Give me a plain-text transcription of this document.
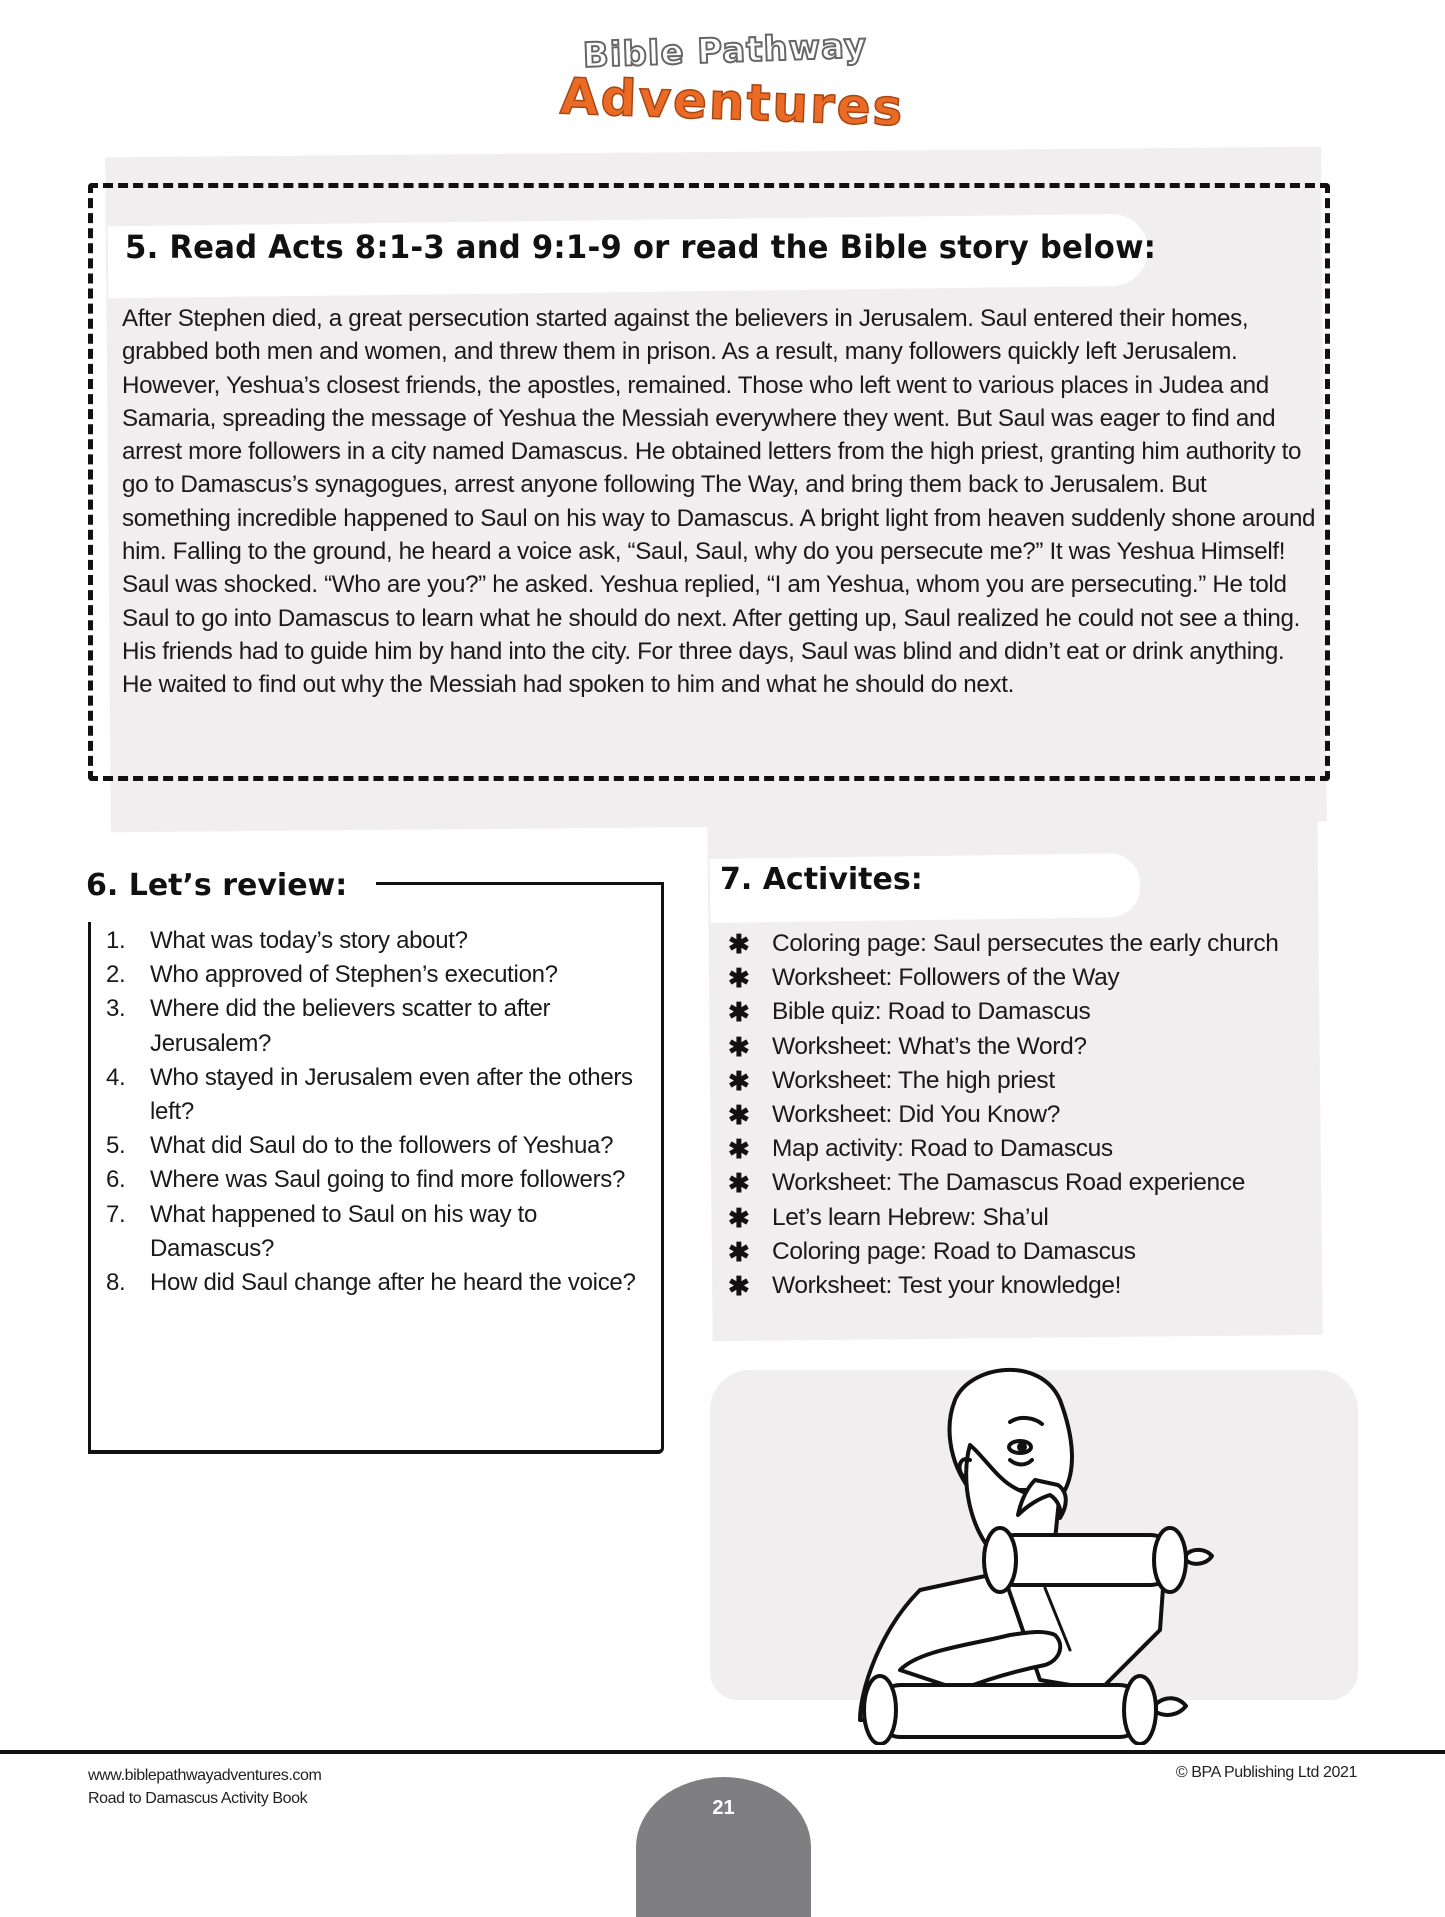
Bible Pathway
Adventures
5. Read Acts 8:1-3 and 9:1-9 or read the Bible story below:
After Stephen died, a great persecution started against the believers in Jerusalem. Saul entered their homes, grabbed both men and women, and threw them in prison. As a result, many followers quickly left Jerusalem. However, Yeshua’s closest friends, the apostles, remained. Those who left went to various places in Judea and Samaria, spreading the message of Yeshua the Messiah everywhere they went. But Saul was eager to find and arrest more followers in a city named Damascus. He obtained letters from the high priest, granting him authority to go to Damascus’s synagogues, arrest anyone following The Way, and bring them back to Jerusalem. But something incredible happened to Saul on his way to Damascus. A bright light from heaven suddenly shone around him. Falling to the ground, he heard a voice ask, “Saul, Saul, why do you persecute me?” It was Yeshua Himself! Saul was shocked. “Who are you?” he asked. Yeshua replied, “I am Yeshua, whom you are persecuting.” He told Saul to go into Damascus to learn what he should do next. After getting up, Saul realized he could not see a thing. His friends had to guide him by hand into the city. For three days, Saul was blind and didn’t eat or drink anything. He waited to find out why the Messiah had spoken to him and what he should do next.
6. Let’s review:
1.	What was today’s story about?
2.	Who approved of Stephen’s execution?
3.	Where did the believers scatter to after Jerusalem?
4.	Who stayed in Jerusalem even after the others left?
5.	What did Saul do to the followers of Yeshua?
6.	Where was Saul going to find more followers?
7.	What happened to Saul on his way to Damascus?
8.	How did Saul change after he heard the voice?
7. Activites:
✱ Coloring page: Saul persecutes the early church
✱ Worksheet: Followers of the Way
✱ Bible quiz: Road to Damascus
✱ Worksheet: What’s the Word?
✱ Worksheet: The high priest
✱ Worksheet: Did You Know?
✱ Map activity: Road to Damascus
✱ Worksheet: The Damascus Road experience
✱ Let’s learn Hebrew: Sha’ul
✱ Coloring page: Road to Damascus
✱ Worksheet: Test your knowledge!
www.biblepathwayadventures.com
Road to Damascus Activity Book
© BPA Publishing Ltd 2021
21
